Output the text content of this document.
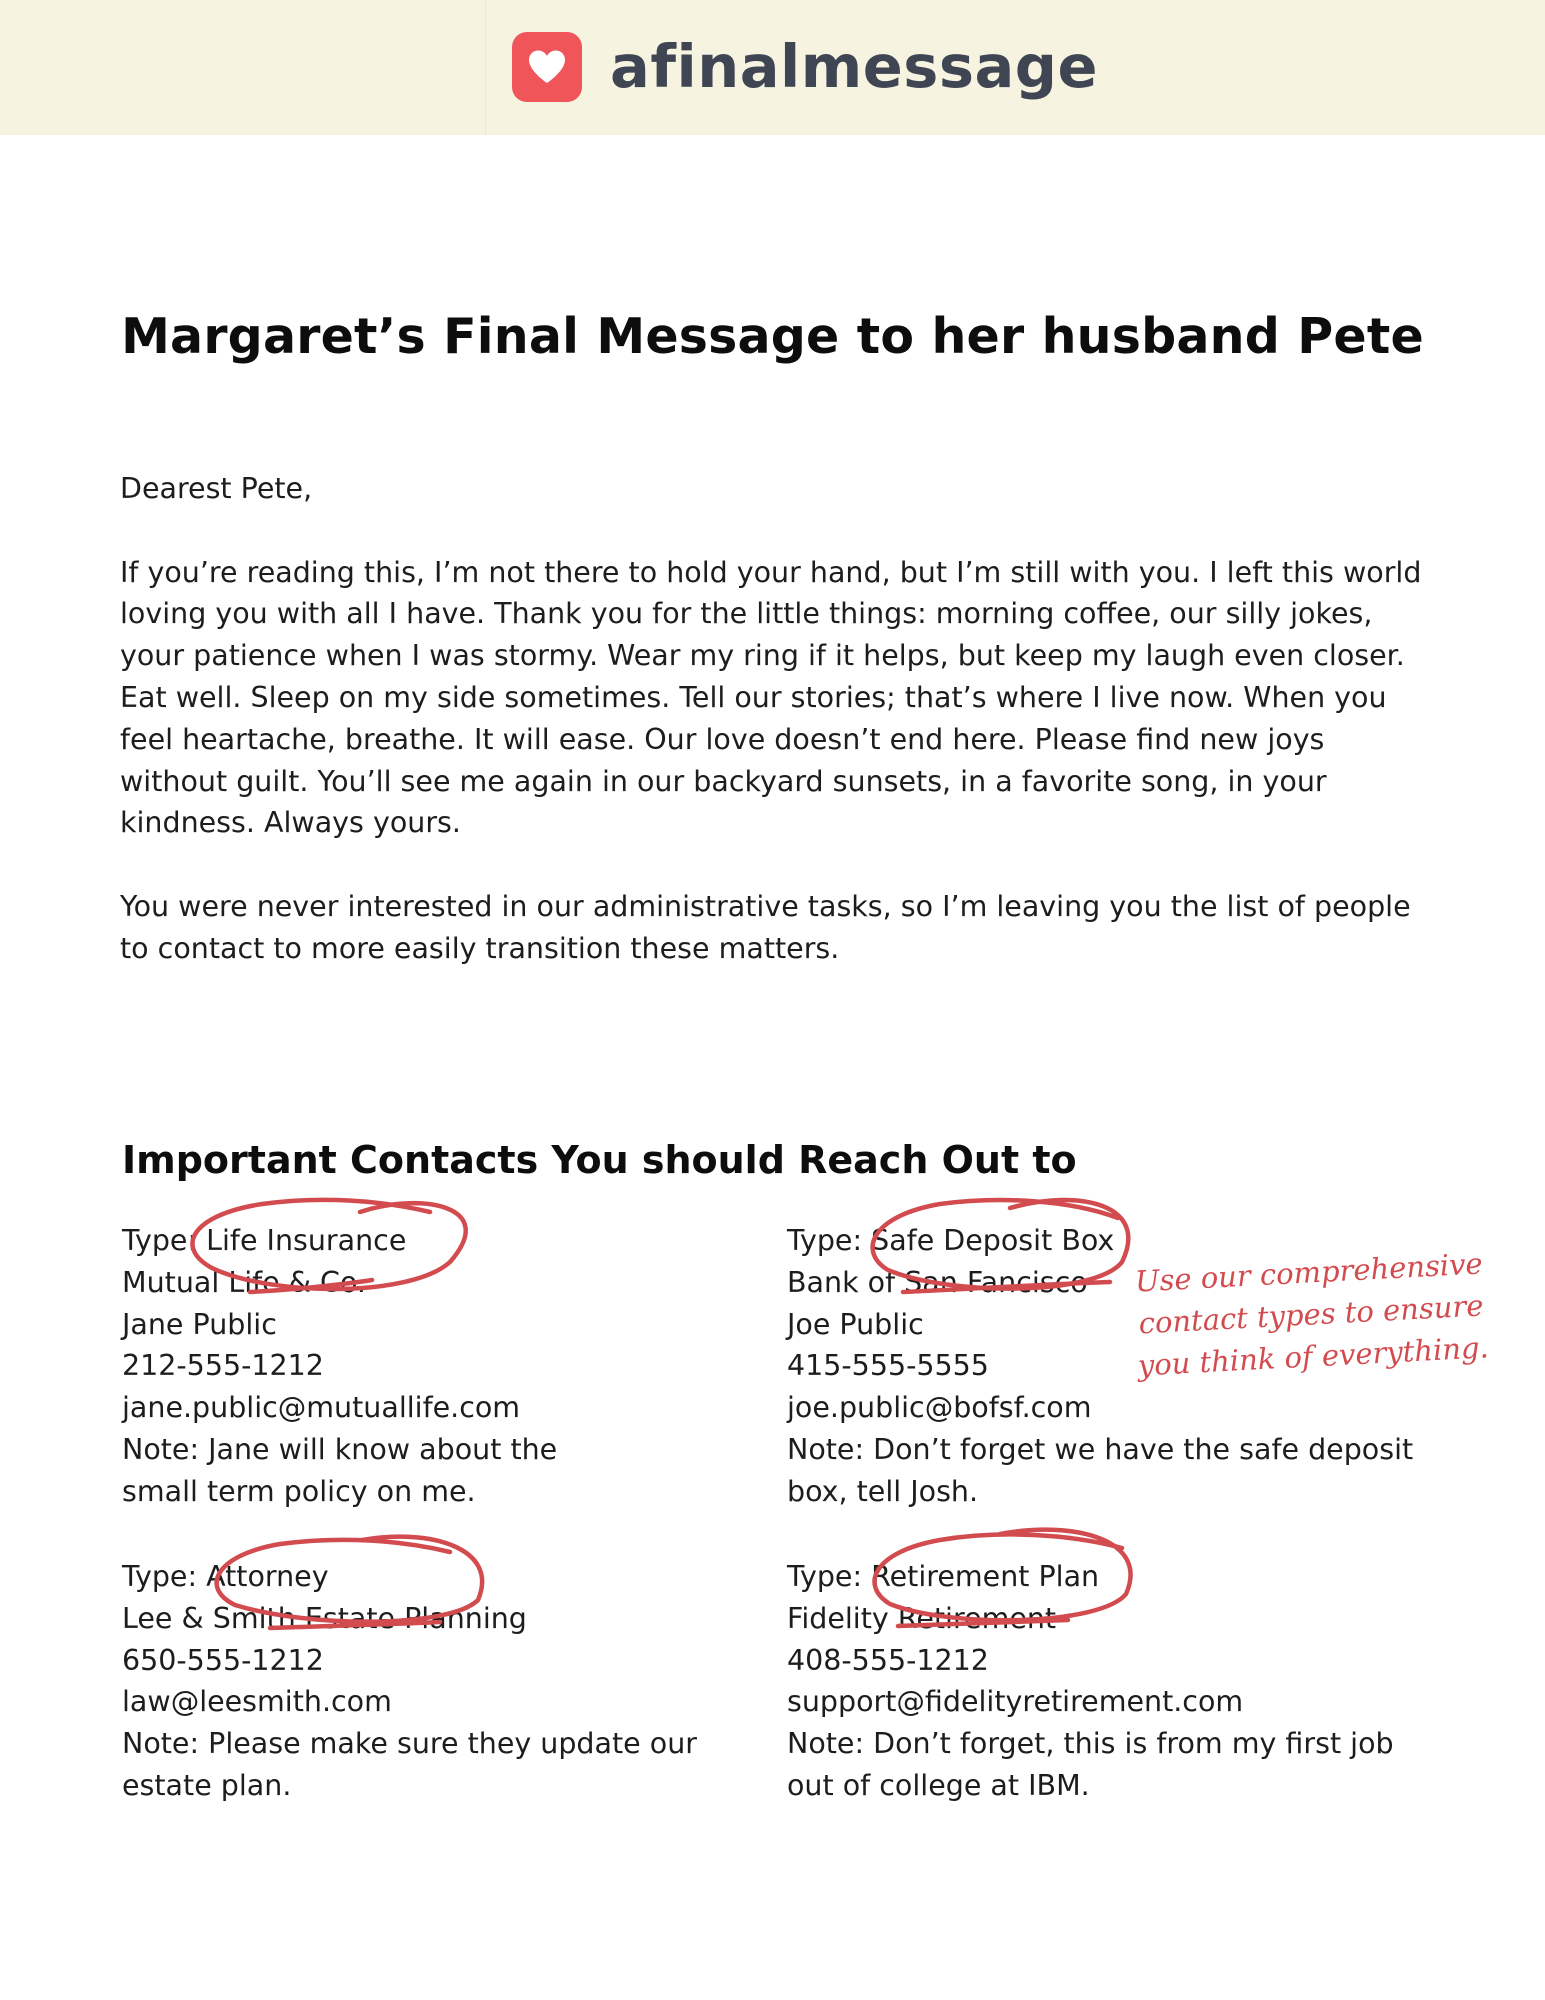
afinalmessage
Margaret’s Final Message to her husband Pete

Dearest Pete,

If you’re reading this, I’m not there to hold your hand, but I’m still with you. I left this world loving you with all I have. Thank you for the little things: morning coffee, our silly jokes, your patience when I was stormy. Wear my ring if it helps, but keep my laugh even closer. Eat well. Sleep on my side sometimes. Tell our stories; that’s where I live now. When you feel heartache, breathe. It will ease. Our love doesn’t end here. Please find new joys without guilt. You’ll see me again in our backyard sunsets, in a favorite song, in your kindness. Always yours.

You were never interested in our administrative tasks, so I’m leaving you the list of people to contact to more easily transition these matters.

Important Contacts You should Reach Out to
Type: Life Insurance
Mutual Life & Co.
Jane Public
212-555-1212
jane.public@mutuallife.com
Note: Jane will know about the small term policy on me.
Type: Safe Deposit Box
Bank of San Fancisco
Joe Public
415-555-5555
joe.public@bofsf.com
Note: Don’t forget we have the safe deposit box, tell Josh.
Type: Attorney
Lee & Smith Estate Planning
650-555-1212
law@leesmith.com
Note: Please make sure they update our estate plan.
Type: Retirement Plan
Fidelity Retirement
408-555-1212
support@fidelityretirement.com
Note: Don’t forget, this is from my first job out of college at IBM.
Use our comprehensive
contact types to ensure
you think of everything.
